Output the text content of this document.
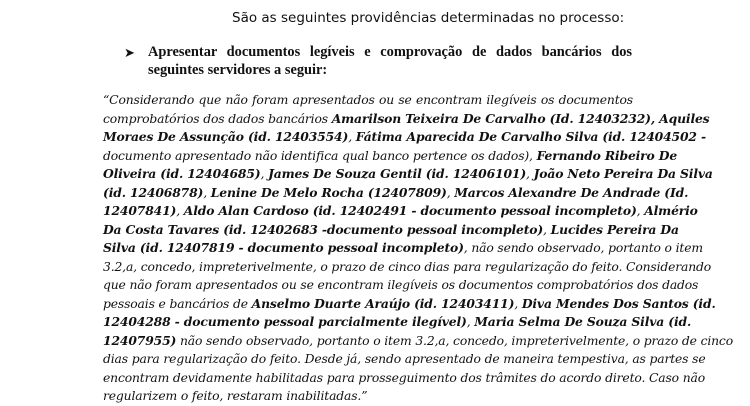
São as seguintes providências determinadas no processo:

➤ Apresentar documentos legíveis e comprovação de dados bancários dos seguintes servidores a seguir:

“Considerando que não foram apresentados ou se encontram ilegíveis os documentos
comprobatórios dos dados bancários Amarilson Teixeira De Carvalho (Id. 12403232), Aquiles
Moraes De Assunção (id. 12403554), Fátima Aparecida De Carvalho Silva (id. 12404502 -
documento apresentado não identifica qual banco pertence os dados), Fernando Ribeiro De
Oliveira (id. 12404685), James De Souza Gentil (id. 12406101), João Neto Pereira Da Silva
(id. 12406878), Lenine De Melo Rocha (12407809), Marcos Alexandre De Andrade (Id.
12407841), Aldo Alan Cardoso (id. 12402491 - documento pessoal incompleto), Almério
Da Costa Tavares (id. 12402683 -documento pessoal incompleto), Lucides Pereira Da
Silva (id. 12407819 - documento pessoal incompleto), não sendo observado, portanto o item
3.2,a, concedo, impreterivelmente, o prazo de cinco dias para regularização do feito. Considerando
que não foram apresentados ou se encontram ilegíveis os documentos comprobatórios dos dados
pessoais e bancários de Anselmo Duarte Araújo (id. 12403411), Diva Mendes Dos Santos (id.
12404288 - documento pessoal parcialmente ilegível), Maria Selma De Souza Silva (id.
12407955) não sendo observado, portanto o item 3.2,a, concedo, impreterivelmente, o prazo de cinco
dias para regularização do feito. Desde já, sendo apresentado de maneira tempestiva, as partes se
encontram devidamente habilitadas para prosseguimento dos trâmites do acordo direto. Caso não
regularizem o feito, restaram inabilitadas.”
